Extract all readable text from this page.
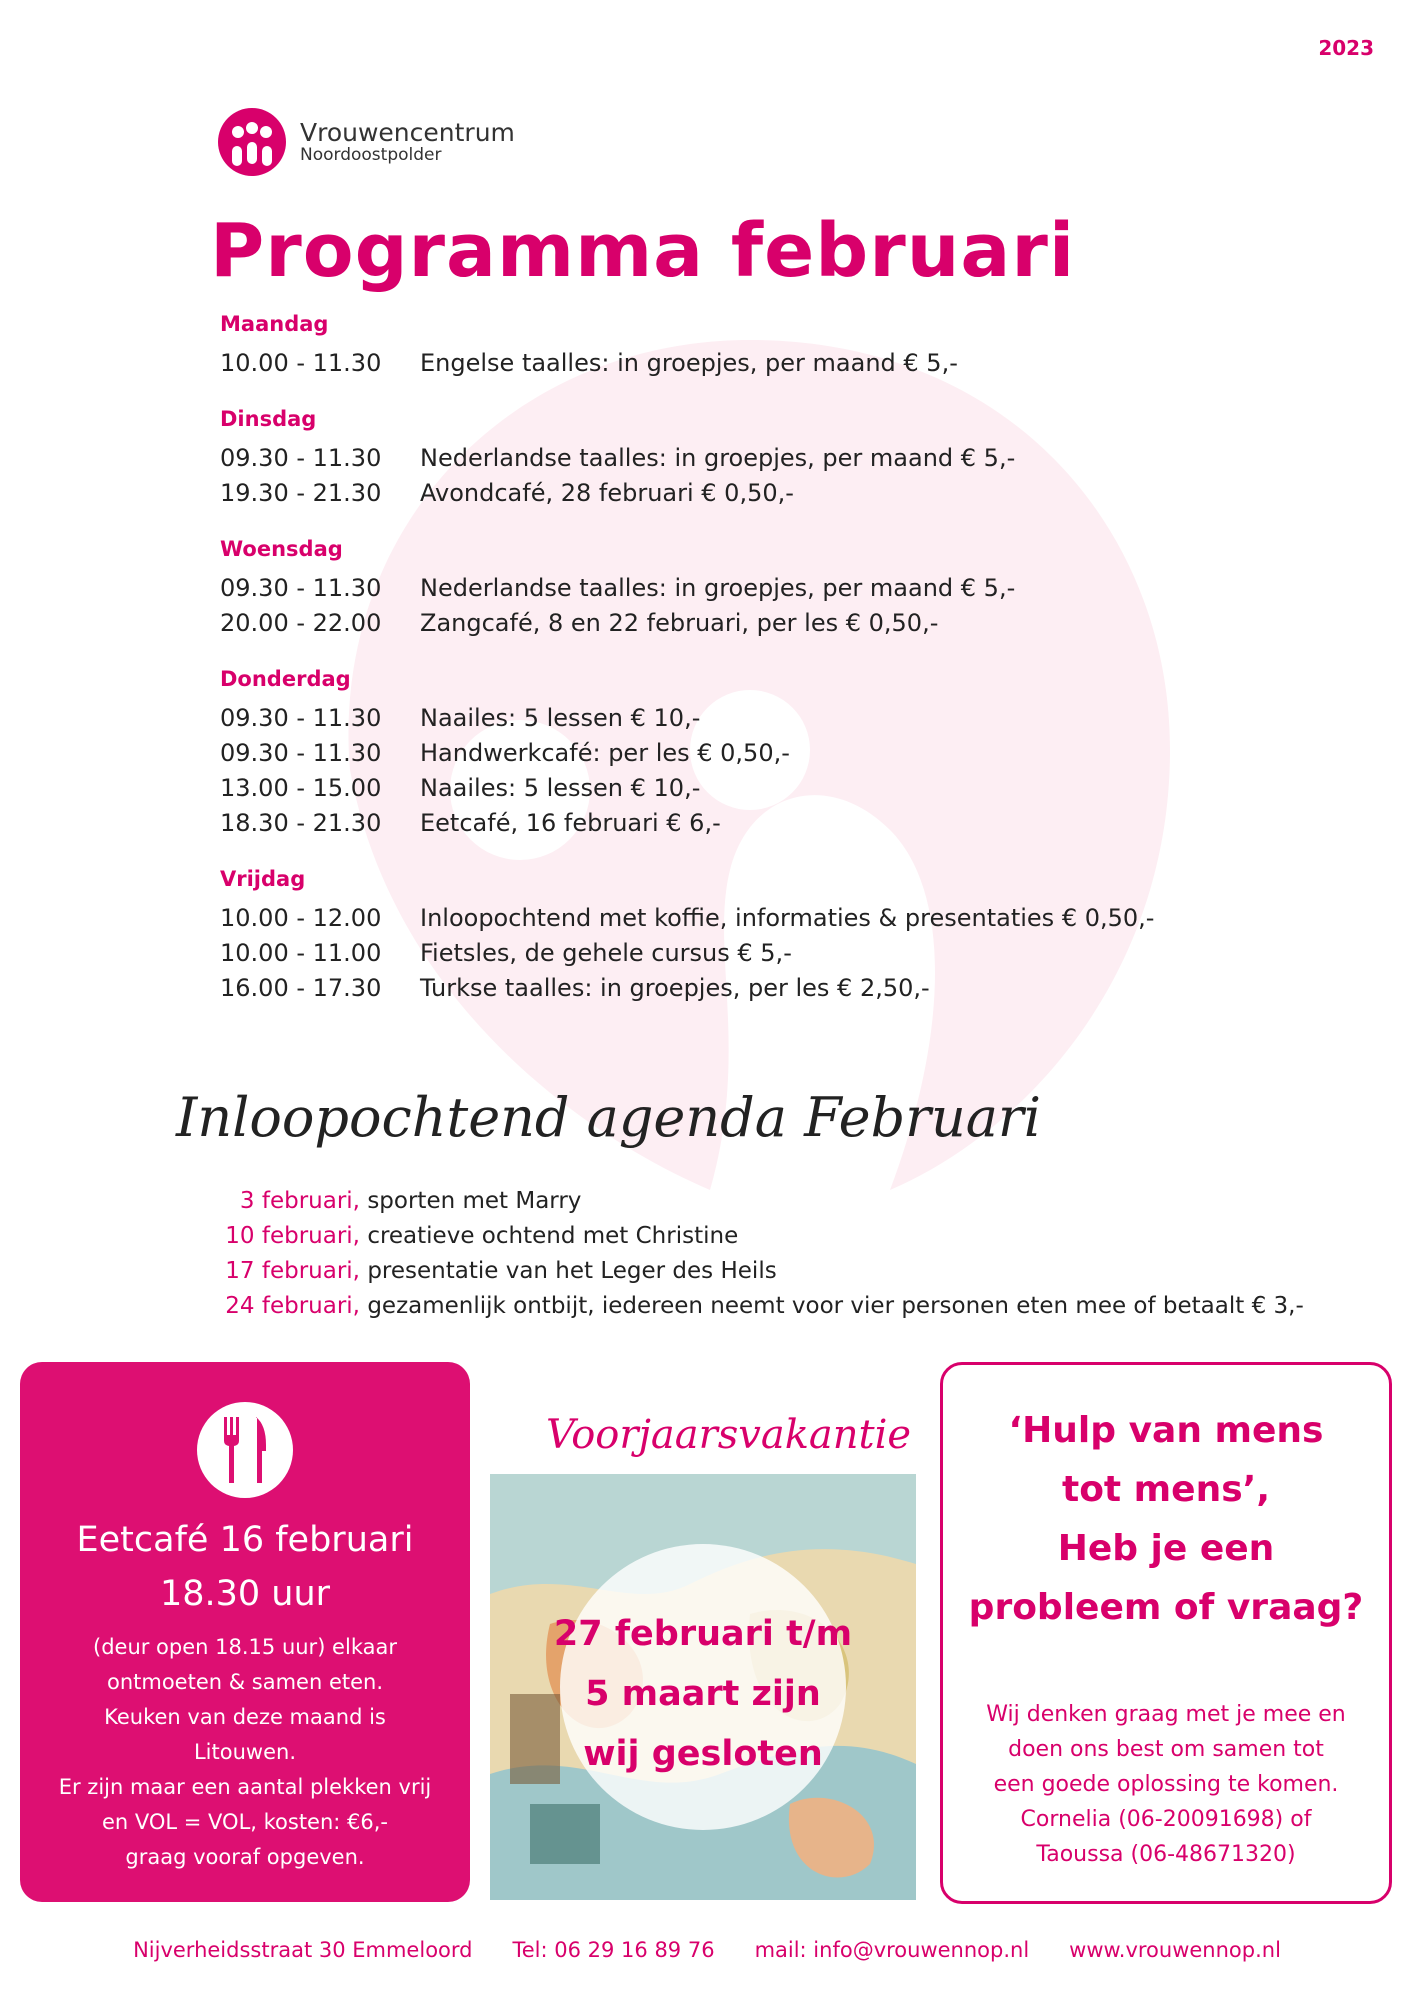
2023
Vrouwencentrum
Noordoostpolder
Programma februari
Maandag
10.00 - 11.30	Engelse taalles: in groepjes, per maand € 5,-
Dinsdag
09.30 - 11.30	Nederlandse taalles: in groepjes, per maand € 5,-
19.30 - 21.30	Avondcafé, 28 februari € 0,50,-
Woensdag
09.30 - 11.30	Nederlandse taalles: in groepjes, per maand € 5,-
20.00 - 22.00	Zangcafé, 8 en 22 februari, per les € 0,50,-
Donderdag
09.30 - 11.30	Naailes: 5 lessen € 10,-
09.30 - 11.30	Handwerkcafé: per les € 0,50,-
13.00 - 15.00	Naailes: 5 lessen € 10,-
18.30 - 21.30	Eetcafé, 16 februari € 6,-
Vrijdag
10.00 - 12.00	Inloopochtend met koffie, informaties & presentaties € 0,50,-
10.00 - 11.00	Fietsles, de gehele cursus € 5,-
16.00 - 17.30	Turkse taalles: in groepjes, per les € 2,50,-
Inloopochtend agenda Februari
3 februari, sporten met Marry
10 februari, creatieve ochtend met Christine
17 februari, presentatie van het Leger des Heils
24 februari, gezamenlijk ontbijt, iedereen neemt voor vier personen eten mee of betaalt € 3,-
Eetcafé 16 februari
18.30 uur
(deur open 18.15 uur) elkaar
ontmoeten & samen eten.
Keuken van deze maand is
Litouwen.
Er zijn maar een aantal plekken vrij
en VOL = VOL, kosten: €6,-
graag vooraf opgeven.
Voorjaarsvakantie
27 februari t/m
5 maart zijn
wij gesloten
‘Hulp van mens
tot mens’,
Heb je een
probleem of vraag?
Wij denken graag met je mee en
doen ons best om samen tot
een goede oplossing te komen.
Cornelia (06-20091698) of
Taoussa (06-48671320)
Nijverheidsstraat 30 Emmeloord Tel: 06 29 16 89 76 mail: info@vrouwennop.nl www.vrouwennop.nl
